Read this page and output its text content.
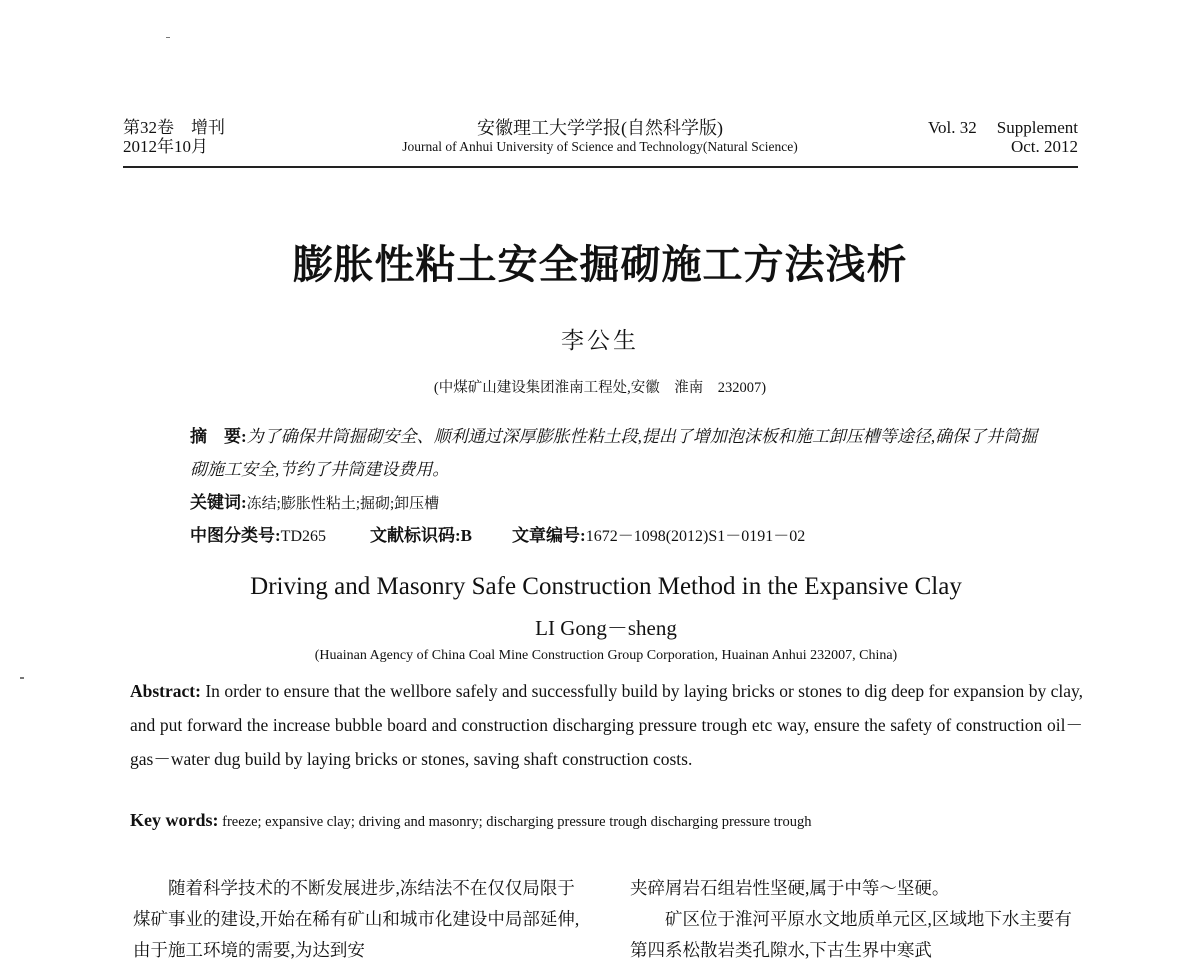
第32卷　增刊
2012年10月
安徽理工大学学报(自然科学版)
Journal of Anhui University of Science and Technology(Natural Science)
Vol. 32 Supplement
Oct. 2012
膨胀性粘土安全掘砌施工方法浅析
李公生
(中煤矿山建设集团淮南工程处,安徽　淮南　232007)
摘　要:为了确保井筒掘砌安全、顺利通过深厚膨胀性粘土段,提出了增加泡沫板和施工卸压槽等途径,确保了井筒掘砌施工安全,节约了井筒建设费用。
关键词:冻结;膨胀性粘土;掘砌;卸压槽
中图分类号:TD265	文献标识码:B 文章编号:1672－1098(2012)S1－0191－02
Driving and Masonry Safe Construction Method in the Expansive Clay
LI Gong－sheng
(Huainan Agency of China Coal Mine Construction Group Corporation, Huainan Anhui 232007, China)
Abstract: In order to ensure that the wellbore safely and successfully build by laying bricks or stones to dig deep for expansion by clay, and put forward the increase bubble board and construction discharging pressure trough etc way, ensure the safety of construction oil－gas－water dug build by laying bricks or stones, saving shaft construction costs.
Key words: freeze; expansive clay; driving and masonry; discharging pressure trough discharging pressure trough

随着科学技术的不断发展进步,冻结法不在仅仅局限于煤矿事业的建设,开始在稀有矿山和城市化建设中局部延伸,由于施工环境的需要,为达到安

夹碎屑岩石组岩性坚硬,属于中等～坚硬。

矿区位于淮河平原水文地质单元区,区域地下水主要有第四系松散岩类孔隙水,下古生界中寒武
